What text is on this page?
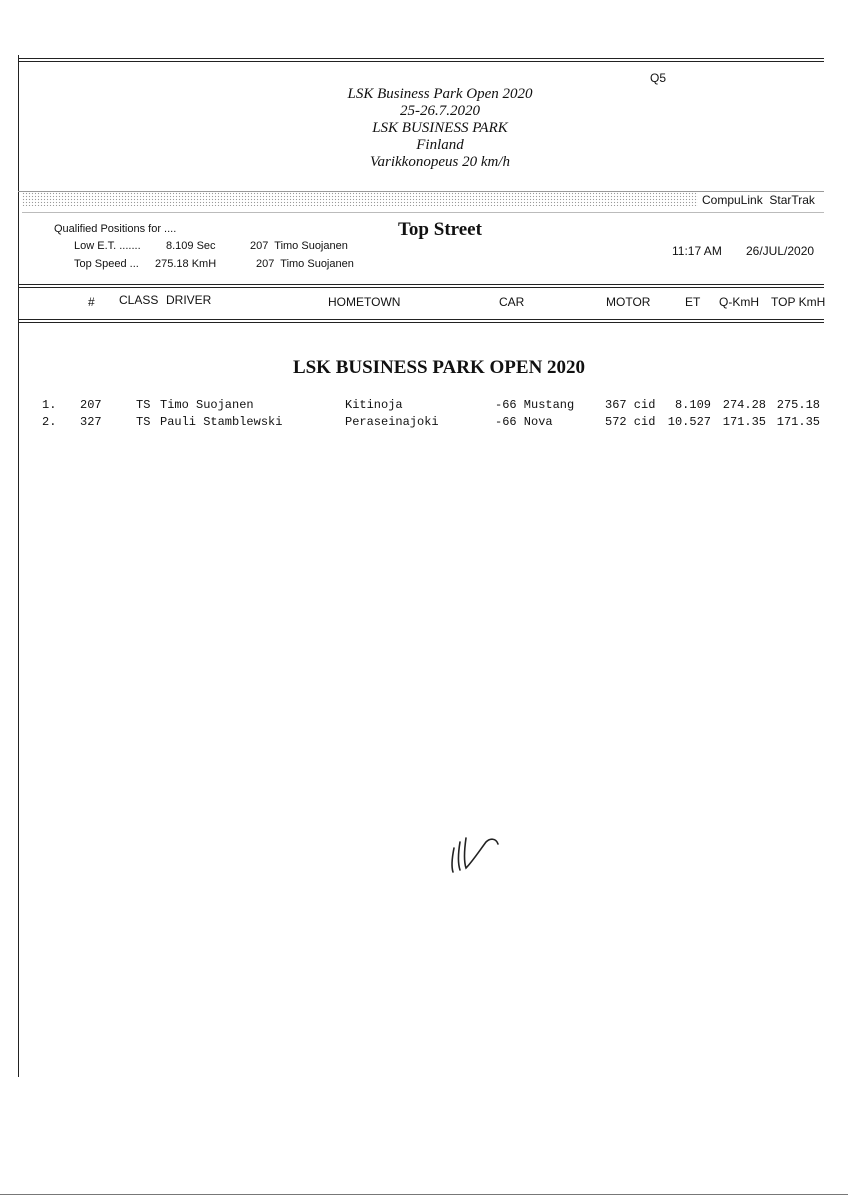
Q5
LSK Business Park Open 2020
25-26.7.2020
LSK BUSINESS PARK
Finland
Varikkonopeus 20 km/h
CompuLink  StarTrak
Qualified Positions for ....
Low E.T. ....... 8.109 Sec	207  Timo Suojanen
Top Speed ... 275.18 KmH	207  Timo Suojanen
Top Street
11:17 AM 26/JUL/2020
# CLASS DRIVER	HOMETOWN	CAR	MOTOR	ET Q-KmH TOP KmH
LSK BUSINESS PARK OPEN 2020
1. 207	TS Timo Suojanen	Kitinoja	-66 Mustang	367 cid	8.109 274.28 275.18
2. 327	TS Pauli Stamblewski	Peraseinajoki	-66 Nova	572 cid	10.527 171.35 171.35
